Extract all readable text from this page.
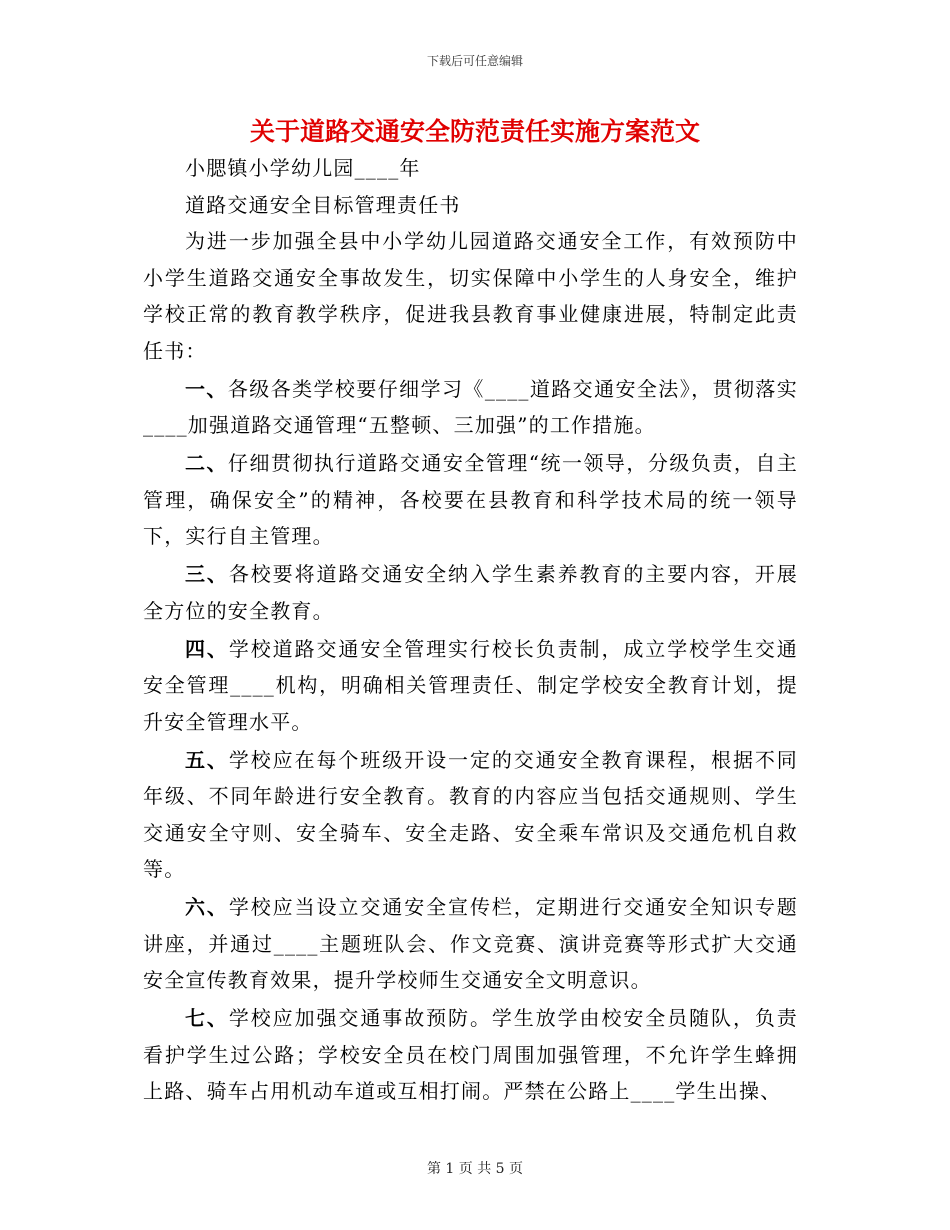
下载后可任意编辑
关于道路交通安全防范责任实施方案范文

小腮镇小学幼儿园____年

道路交通安全目标管理责任书

为进一步加强全县中小学幼儿园道路交通安全工作，有效预防中小学生道路交通安全事故发生，切实保障中小学生的人身安全，维护学校正常的教育教学秩序，促进我县教育事业健康进展，特制定此责任书：

一、各级各类学校要仔细学习《____道路交通安全法》，贯彻落实____加强道路交通管理“五整顿、三加强”的工作措施。

二、仔细贯彻执行道路交通安全管理“统一领导，分级负责，自主管理，确保安全”的精神，各校要在县教育和科学技术局的统一领导下，实行自主管理。

三、各校要将道路交通安全纳入学生素养教育的主要内容，开展全方位的安全教育。

四、学校道路交通安全管理实行校长负责制，成立学校学生交通安全管理____机构，明确相关管理责任、制定学校安全教育计划，提升安全管理水平。

五、学校应在每个班级开设一定的交通安全教育课程，根据不同年级、不同年龄进行安全教育。教育的内容应当包括交通规则、学生交通安全守则、安全骑车、安全走路、安全乘车常识及交通危机自救等。

六、学校应当设立交通安全宣传栏，定期进行交通安全知识专题讲座，并通过____主题班队会、作文竞赛、演讲竞赛等形式扩大交通安全宣传教育效果，提升学校师生交通安全文明意识。

七、学校应加强交通事故预防。学生放学由校安全员随队，负责看护学生过公路；学校安全员在校门周围加强管理，不允许学生蜂拥上路、骑车占用机动车道或互相打闹。严禁在公路上____学生出操、

第 1 页 共 5 页
